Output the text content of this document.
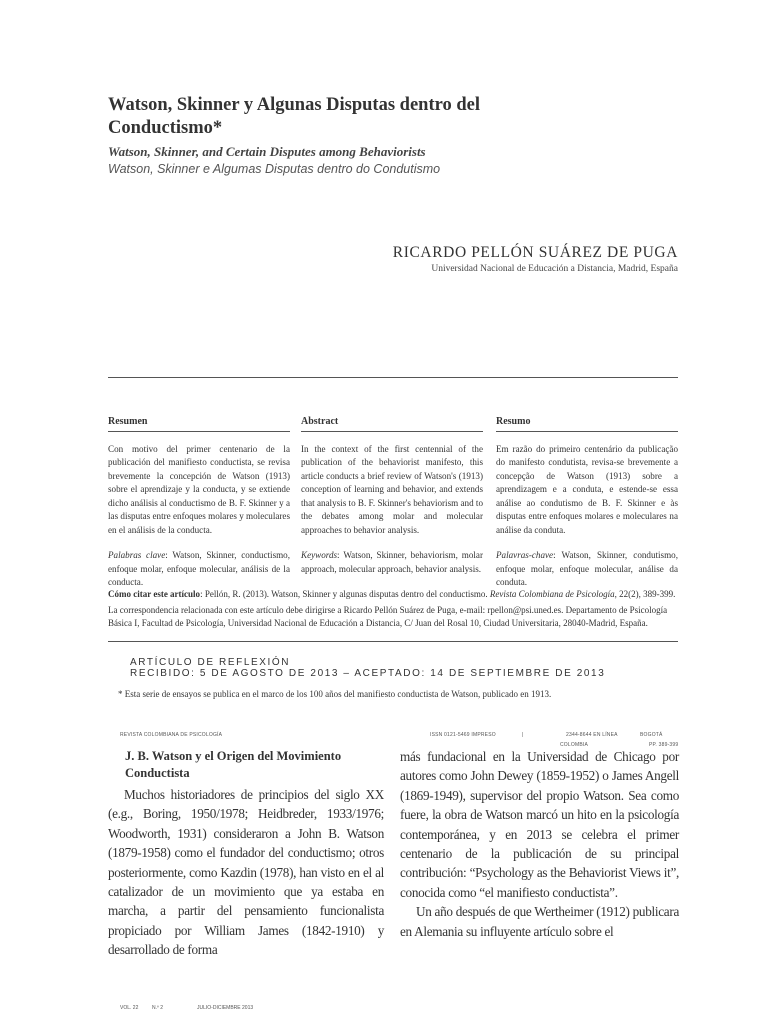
Watson, Skinner y Algunas Disputas dentro del Conductismo*
Watson, Skinner, and Certain Disputes among Behaviorists
Watson, Skinner e Algumas Disputas dentro do Condutismo
RICARDO PELLÓN SUÁREZ DE PUGA
Universidad Nacional de Educación a Distancia, Madrid, España
Resumen

Con motivo del primer centenario de la publicación del manifiesto conductista, se revisa brevemente la concepción de Watson (1913) sobre el aprendizaje y la conducta, y se extiende dicho análisis al conductismo de B. F. Skinner y a las disputas entre enfoques molares y moleculares en el análisis de la conducta.

Palabras clave: Watson, Skinner, conductismo, enfoque molar, enfoque molecular, análisis de la conducta.

Abstract

In the context of the first centennial of the publication of the behaviorist manifesto, this article conducts a brief review of Watson's (1913) conception of learning and behavior, and extends that analysis to B. F. Skinner's behaviorism and to the debates among molar and molecular approaches to behavior analysis.

Keywords: Watson, Skinner, behaviorism, molar approach, molecular approach, behavior analysis.

Resumo

Em razão do primeiro centenário da publicação do manifesto condutista, revisa-se brevemente a concepção de Watson (1913) sobre a aprendizagem e a conduta, e estende-se essa análise ao condutismo de B. F. Skinner e às disputas entre enfoques molares e moleculares na análise da conduta.

Palavras-chave: Watson, Skinner, condutismo, enfoque molar, enfoque molecular, análise da conduta.

Cómo citar este artículo: Pellón, R. (2013). Watson, Skinner y algunas disputas dentro del conductismo. Revista Colombiana de Psicología, 22(2), 389-399.

La correspondencia relacionada con este artículo debe dirigirse a Ricardo Pellón Suárez de Puga, e-mail: rpellon@psi.uned.es. Departamento de Psicología Básica I, Facultad de Psicología, Universidad Nacional de Educación a Distancia, C/ Juan del Rosal 10, Ciudad Universitaria, 28040-Madrid, España.

ARTÍCULO DE REFLEXIÓN
RECIBIDO: 5 DE AGOSTO DE 2013 – ACEPTADO: 14 DE SEPTIEMBRE DE 2013
* Esta serie de ensayos se publica en el marco de los 100 años del manifiesto conductista de Watson, publicado en 1913.
REVISTA COLOMBIANA DE PSICOLOGÍA	ISSN 0121-5469 IMPRESO	|	2344-8644 EN LÍNEA	BOGOTÁ
COLOMBIA	PP. 389-399
J. B. Watson y el Origen del Movimiento Conductista

Muchos historiadores de principios del siglo XX (e.g., Boring, 1950/1978; Heidbreder, 1933/1976; Woodworth, 1931) consideraron a John B. Watson (1879-1958) como el fundador del conductismo; otros posteriormente, como Kazdin (1978), han visto en el al catalizador de un movimiento que ya estaba en marcha, a partir del pensamiento funcionalista propiciado por William James (1842-1910) y desarrollado de forma

más fundacional en la Universidad de Chicago por autores como John Dewey (1859-1952) o James Angell (1869-1949), supervisor del propio Watson. Sea como fuere, la obra de Watson marcó un hito en la psicología contemporánea, y en 2013 se celebra el primer centenario de la publicación de su principal contribución: “Psychology as the Behaviorist Views it”, conocida como “el manifiesto conductista”.

Un año después de que Wertheimer (1912) publicara en Alemania su influyente artículo sobre el

VOL. 22	N.º 2	JULIO-DICIEMBRE 2013
